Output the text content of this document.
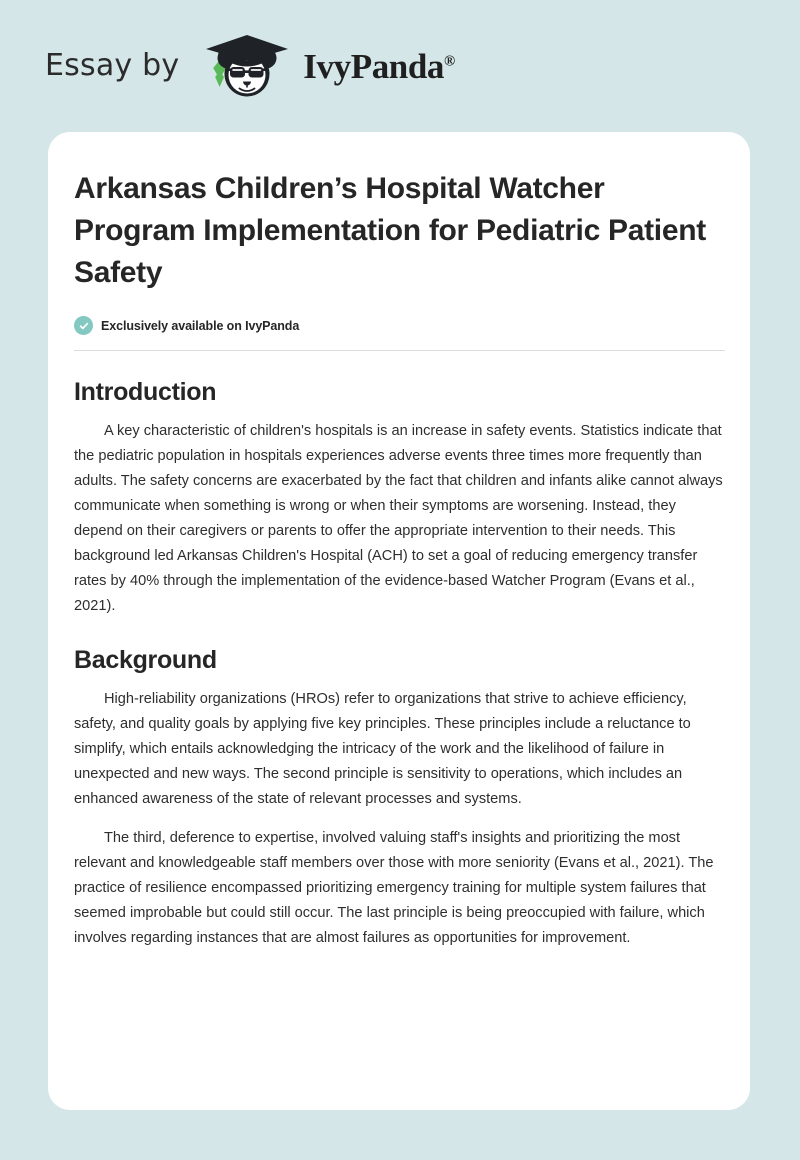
Essay by	IvyPanda®
Arkansas Children’s Hospital Watcher Program Implementation for Pediatric Patient Safety
Exclusively available on IvyPanda
Introduction

A key characteristic of children's hospitals is an increase in safety events. Statistics indicate that the pediatric population in hospitals experiences adverse events three times more frequently than adults. The safety concerns are exacerbated by the fact that children and infants alike cannot always communicate when something is wrong or when their symptoms are worsening. Instead, they depend on their caregivers or parents to offer the appropriate intervention to their needs. This background led Arkansas Children's Hospital (ACH) to set a goal of reducing emergency transfer rates by 40% through the implementation of the evidence-based Watcher Program (Evans et al., 2021).

Background

High-reliability organizations (HROs) refer to organizations that strive to achieve efficiency, safety, and quality goals by applying five key principles. These principles include a reluctance to simplify, which entails acknowledging the intricacy of the work and the likelihood of failure in unexpected and new ways. The second principle is sensitivity to operations, which includes an enhanced awareness of the state of relevant processes and systems.

The third, deference to expertise, involved valuing staff's insights and prioritizing the most relevant and knowledgeable staff members over those with more seniority (Evans et al., 2021). The practice of resilience encompassed prioritizing emergency training for multiple system failures that seemed improbable but could still occur. The last principle is being preoccupied with failure, which involves regarding instances that are almost failures as opportunities for improvement.
